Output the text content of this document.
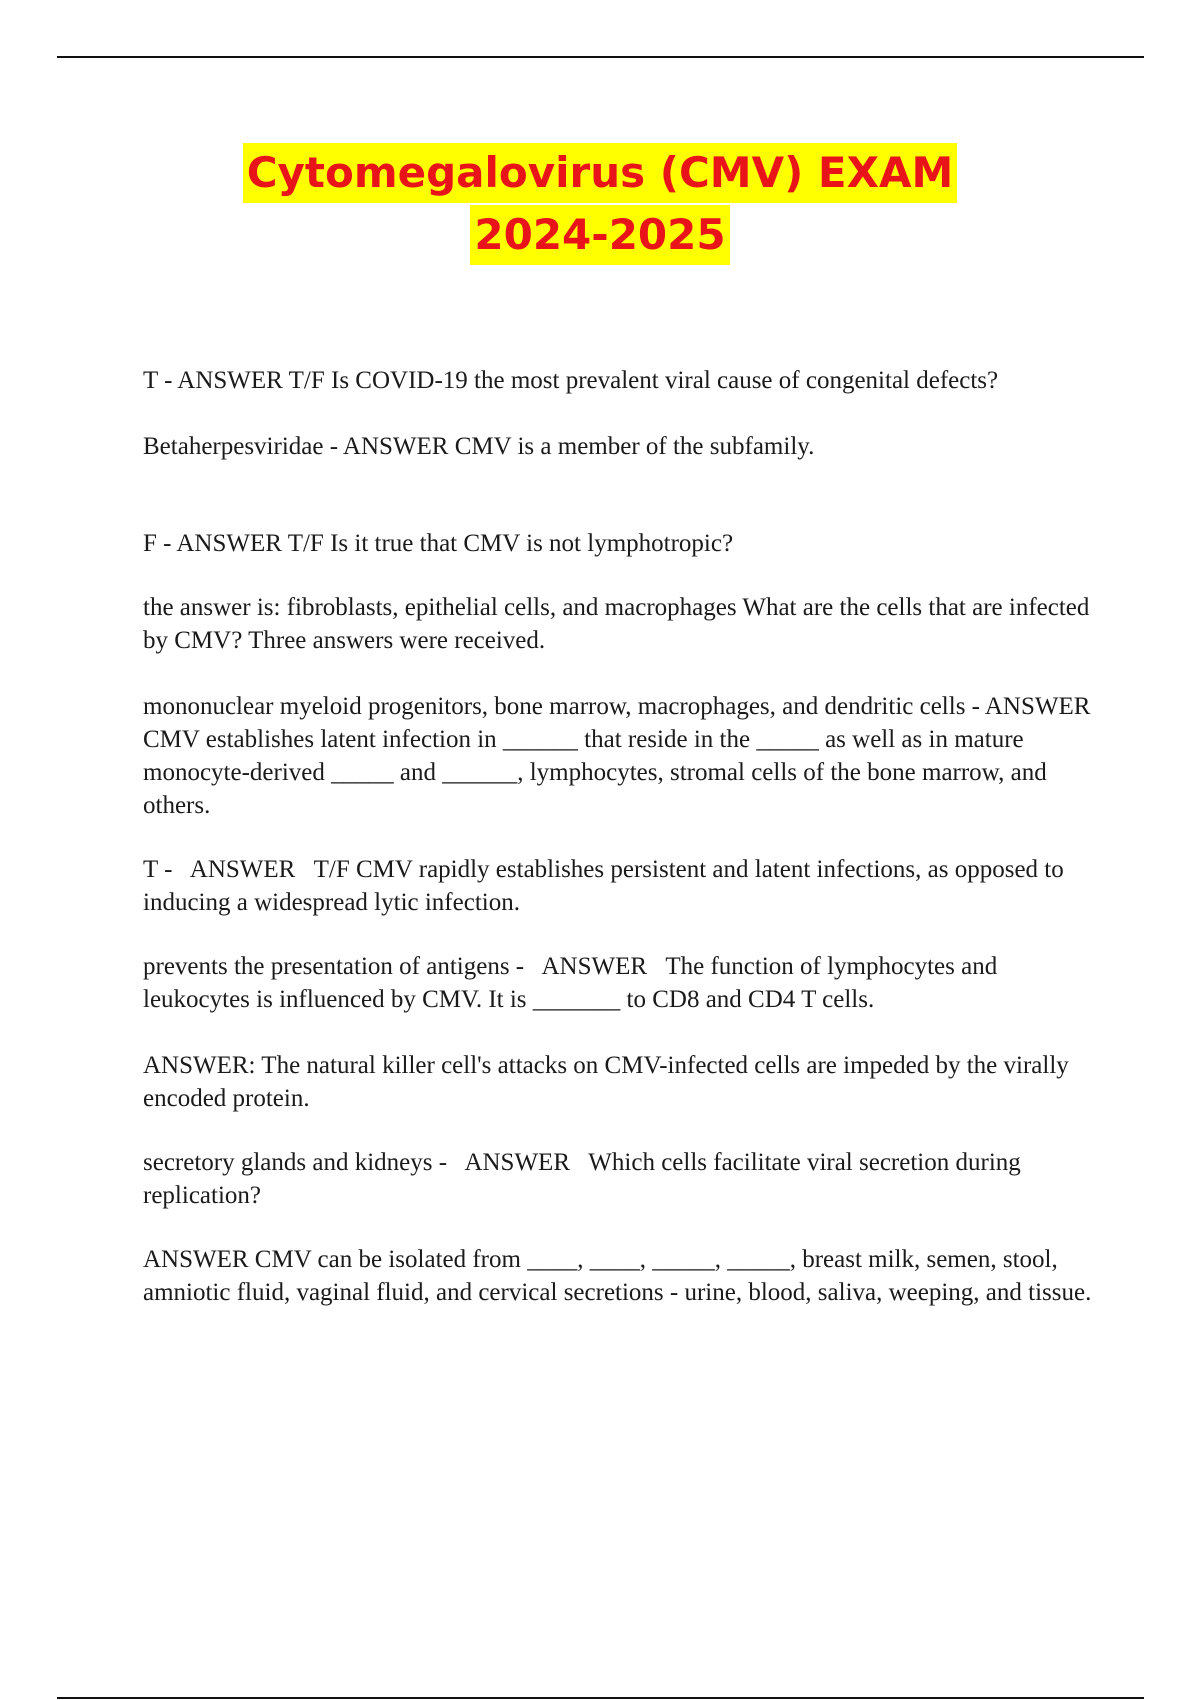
Cytomegalovirus (CMV) EXAM
2024-2025

T - ANSWER T/F Is COVID-19 the most prevalent viral cause of congenital defects?

Betaherpesviridae - ANSWER CMV is a member of the subfamily.

F - ANSWER T/F Is it true that CMV is not lymphotropic?

the answer is: fibroblasts, epithelial cells, and macrophages What are the cells that are infected by CMV? Three answers were received.

mononuclear myeloid progenitors, bone marrow, macrophages, and dendritic cells - ANSWER CMV establishes latent infection in ______ that reside in the _____ as well as in mature monocyte-derived _____ and ______, lymphocytes, stromal cells of the bone marrow, and others.

T -   ANSWER   T/F CMV rapidly establishes persistent and latent infections, as opposed to inducing a widespread lytic infection.

prevents the presentation of antigens -   ANSWER   The function of lymphocytes and leukocytes is influenced by CMV. It is _______ to CD8 and CD4 T cells.

ANSWER: The natural killer cell's attacks on CMV-infected cells are impeded by the virally encoded protein.

secretory glands and kidneys -   ANSWER   Which cells facilitate viral secretion during replication?

ANSWER CMV can be isolated from ____, ____, _____, _____, breast milk, semen, stool, amniotic fluid, vaginal fluid, and cervical secretions - urine, blood, saliva, weeping, and tissue.
